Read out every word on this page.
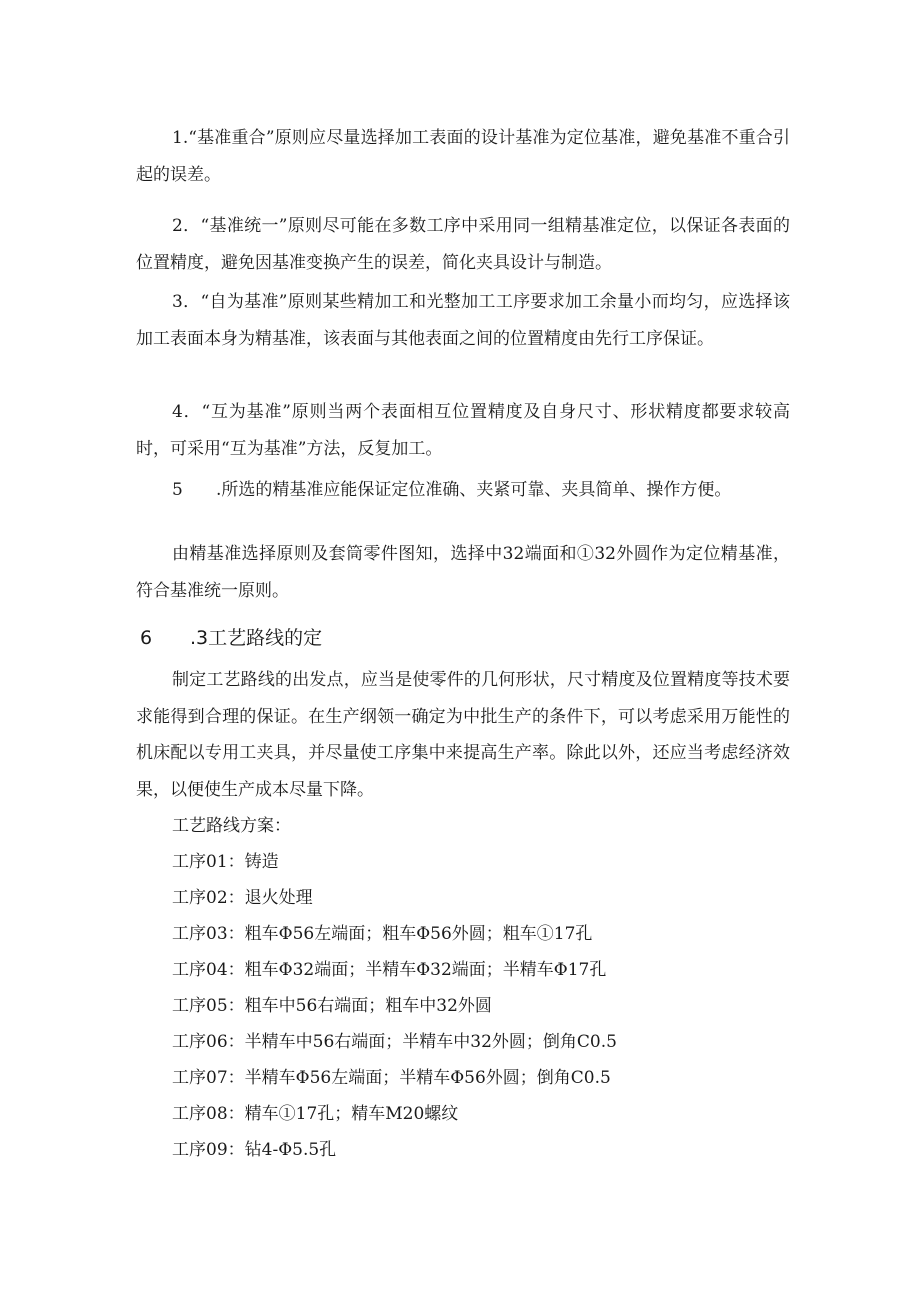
1.“基准重合”原则应尽量选择加工表面的设计基准为定位基准，避免基准不重合引起的误差。

2．“基准统一”原则尽可能在多数工序中采用同一组精基准定位，以保证各表面的位置精度，避免因基准变换产生的误差，简化夹具设计与制造。

3．“自为基准”原则某些精加工和光整加工工序要求加工余量小而均匀，应选择该加工表面本身为精基准，该表面与其他表面之间的位置精度由先行工序保证。

4．“互为基准”原则当两个表面相互位置精度及自身尺寸、形状精度都要求较高时，可采用“互为基准”方法，反复加工。

5 .所选的精基准应能保证定位准确、夹紧可靠、夹具简单、操作方便。

由精基准选择原则及套筒零件图知，选择中32端面和①32外圆作为定位精基准，符合基准统一原则。

6 .3工艺路线的定

制定工艺路线的出发点，应当是使零件的几何形状，尺寸精度及位置精度等技术要求能得到合理的保证。在生产纲领一确定为中批生产的条件下，可以考虑采用万能性的机床配以专用工夹具，并尽量使工序集中来提高生产率。除此以外，还应当考虑经济效果，以便使生产成本尽量下降。

工艺路线方案：

工序01：铸造

工序02：退火处理

工序03：粗车Φ56左端面；粗车Φ56外圆；粗车①17孔

工序04：粗车Φ32端面；半精车Φ32端面；半精车Φ17孔

工序05：粗车中56右端面；粗车中32外圆

工序06：半精车中56右端面；半精车中32外圆；倒角C0.5

工序07：半精车Φ56左端面；半精车Φ56外圆；倒角C0.5

工序08：精车①17孔；精车M20螺纹

工序09：钻4-Φ5.5孔
